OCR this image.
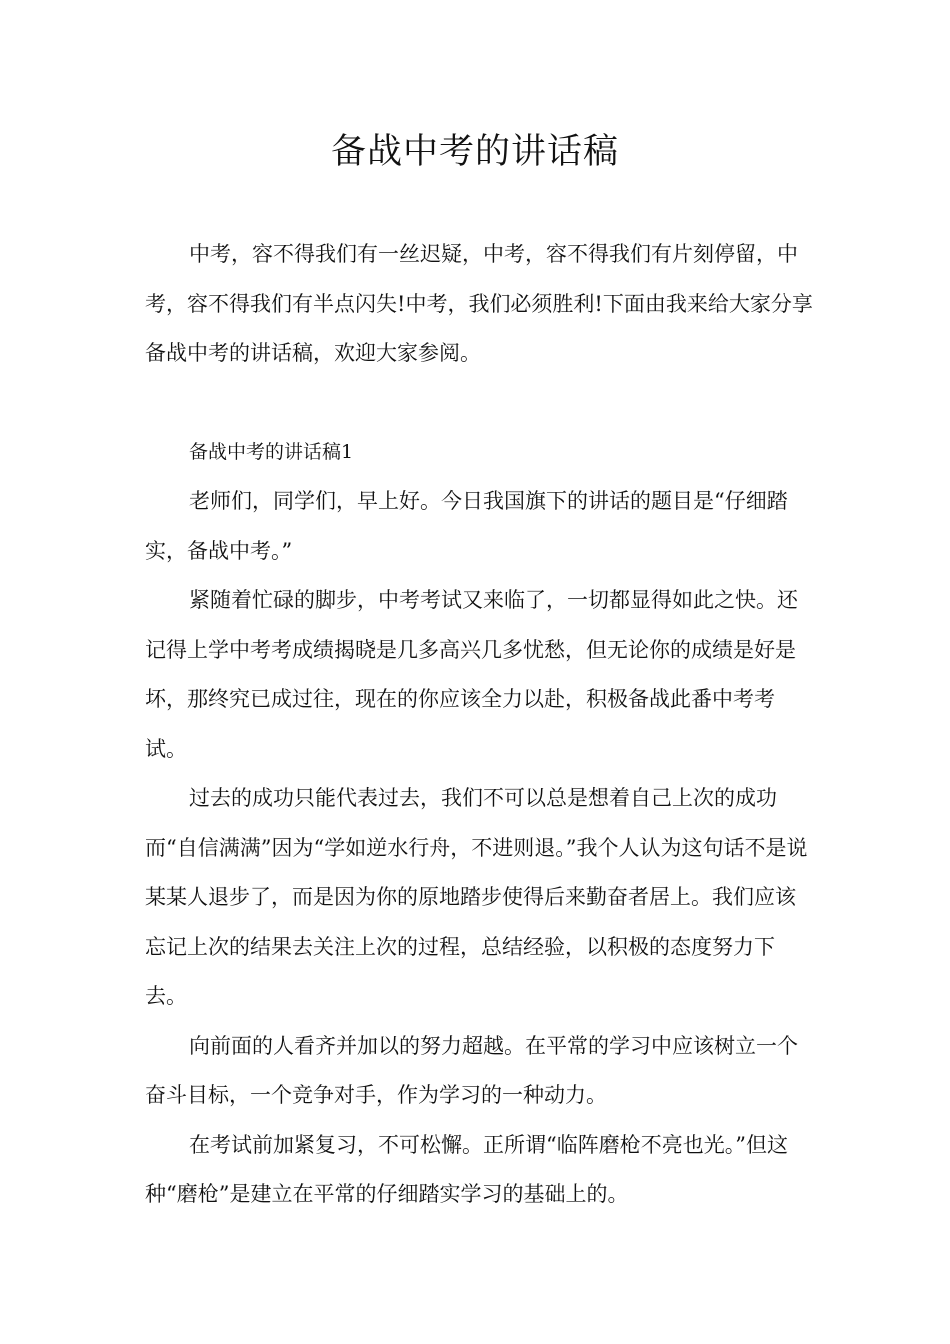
备战中考的讲话稿

中考，容不得我们有一丝迟疑，中考，容不得我们有片刻停留，中考，容不得我们有半点闪失!中考，我们必须胜利!下面由我来给大家分享备战中考的讲话稿，欢迎大家参阅。

备战中考的讲话稿1

老师们，同学们，早上好。今日我国旗下的讲话的题目是“仔细踏实，备战中考。”

紧随着忙碌的脚步，中考考试又来临了，一切都显得如此之快。还记得上学中考考成绩揭晓是几多高兴几多忧愁，但无论你的成绩是好是坏，那终究已成过往，现在的你应该全力以赴，积极备战此番中考考试。

过去的成功只能代表过去，我们不可以总是想着自己上次的成功而“自信满满”因为“学如逆水行舟，不进则退。”我个人认为这句话不是说某某人退步了，而是因为你的原地踏步使得后来勤奋者居上。我们应该忘记上次的结果去关注上次的过程，总结经验，以积极的态度努力下去。

向前面的人看齐并加以的努力超越。在平常的学习中应该树立一个奋斗目标，一个竞争对手，作为学习的一种动力。

在考试前加紧复习，不可松懈。正所谓“临阵磨枪不亮也光。”但这种“磨枪”是建立在平常的仔细踏实学习的基础上的。
